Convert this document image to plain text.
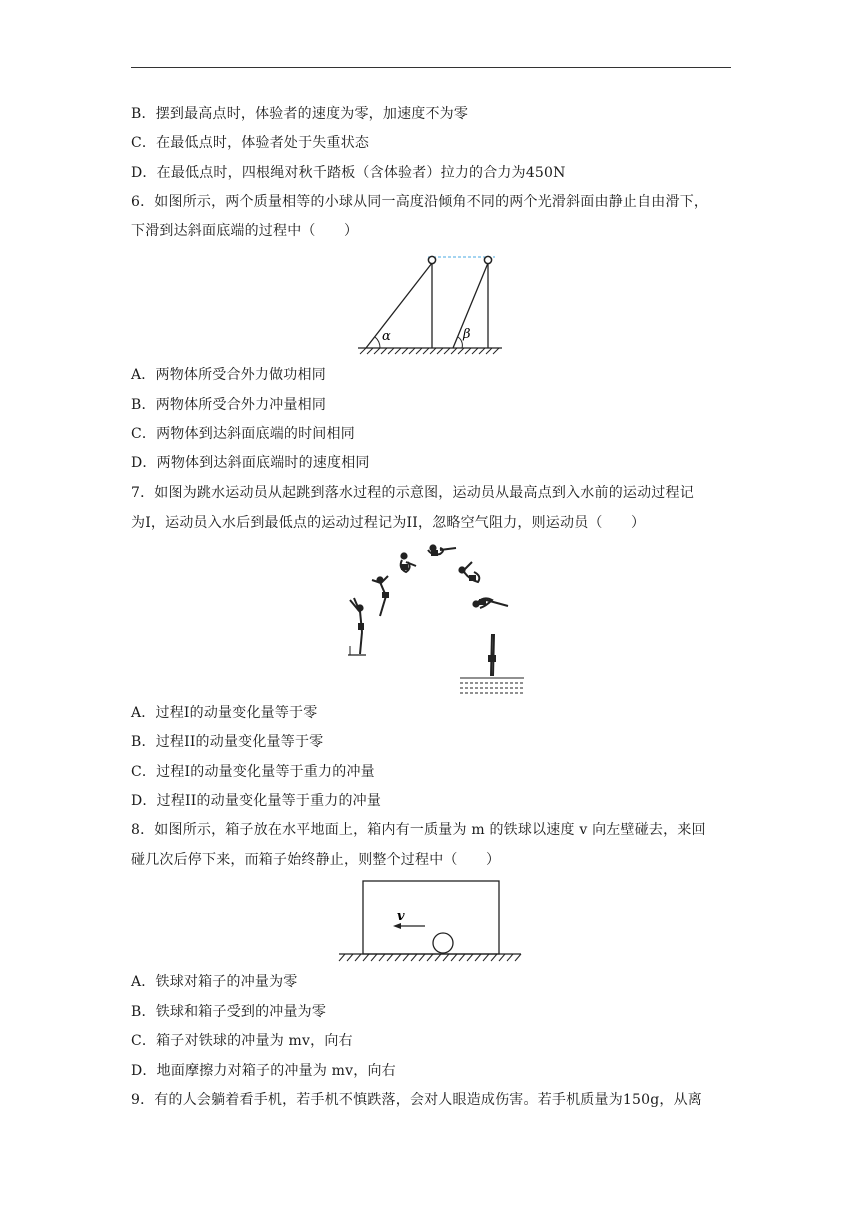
B．摆到最高点时，体验者的速度为零，加速度不为零
C．在最低点时，体验者处于失重状态
D．在最低点时，四根绳对秋千踏板（含体验者）拉力的合力为450N
6．如图所示，两个质量相等的小球从同一高度沿倾角不同的两个光滑斜面由静止自由滑下，
下滑到达斜面底端的过程中（　　）
α	β
A．两物体所受合外力做功相同
B．两物体所受合外力冲量相同
C．两物体到达斜面底端的时间相同
D．两物体到达斜面底端时的速度相同
7．如图为跳水运动员从起跳到落水过程的示意图，运动员从最高点到入水前的运动过程记
为I，运动员入水后到最低点的运动过程记为II，忽略空气阻力，则运动员（　　）
A．过程I的动量变化量等于零
B．过程II的动量变化量等于零
C．过程I的动量变化量等于重力的冲量
D．过程II的动量变化量等于重力的冲量
8．如图所示，箱子放在水平地面上，箱内有一质量为 m 的铁球以速度 v 向左壁碰去，来回
碰几次后停下来，而箱子始终静止，则整个过程中（　　）
v
A．铁球对箱子的冲量为零
B．铁球和箱子受到的冲量为零
C．箱子对铁球的冲量为 mv，向右
D．地面摩擦力对箱子的冲量为 mv，向右
9．有的人会躺着看手机，若手机不慎跌落，会对人眼造成伤害。若手机质量为150g，从离
